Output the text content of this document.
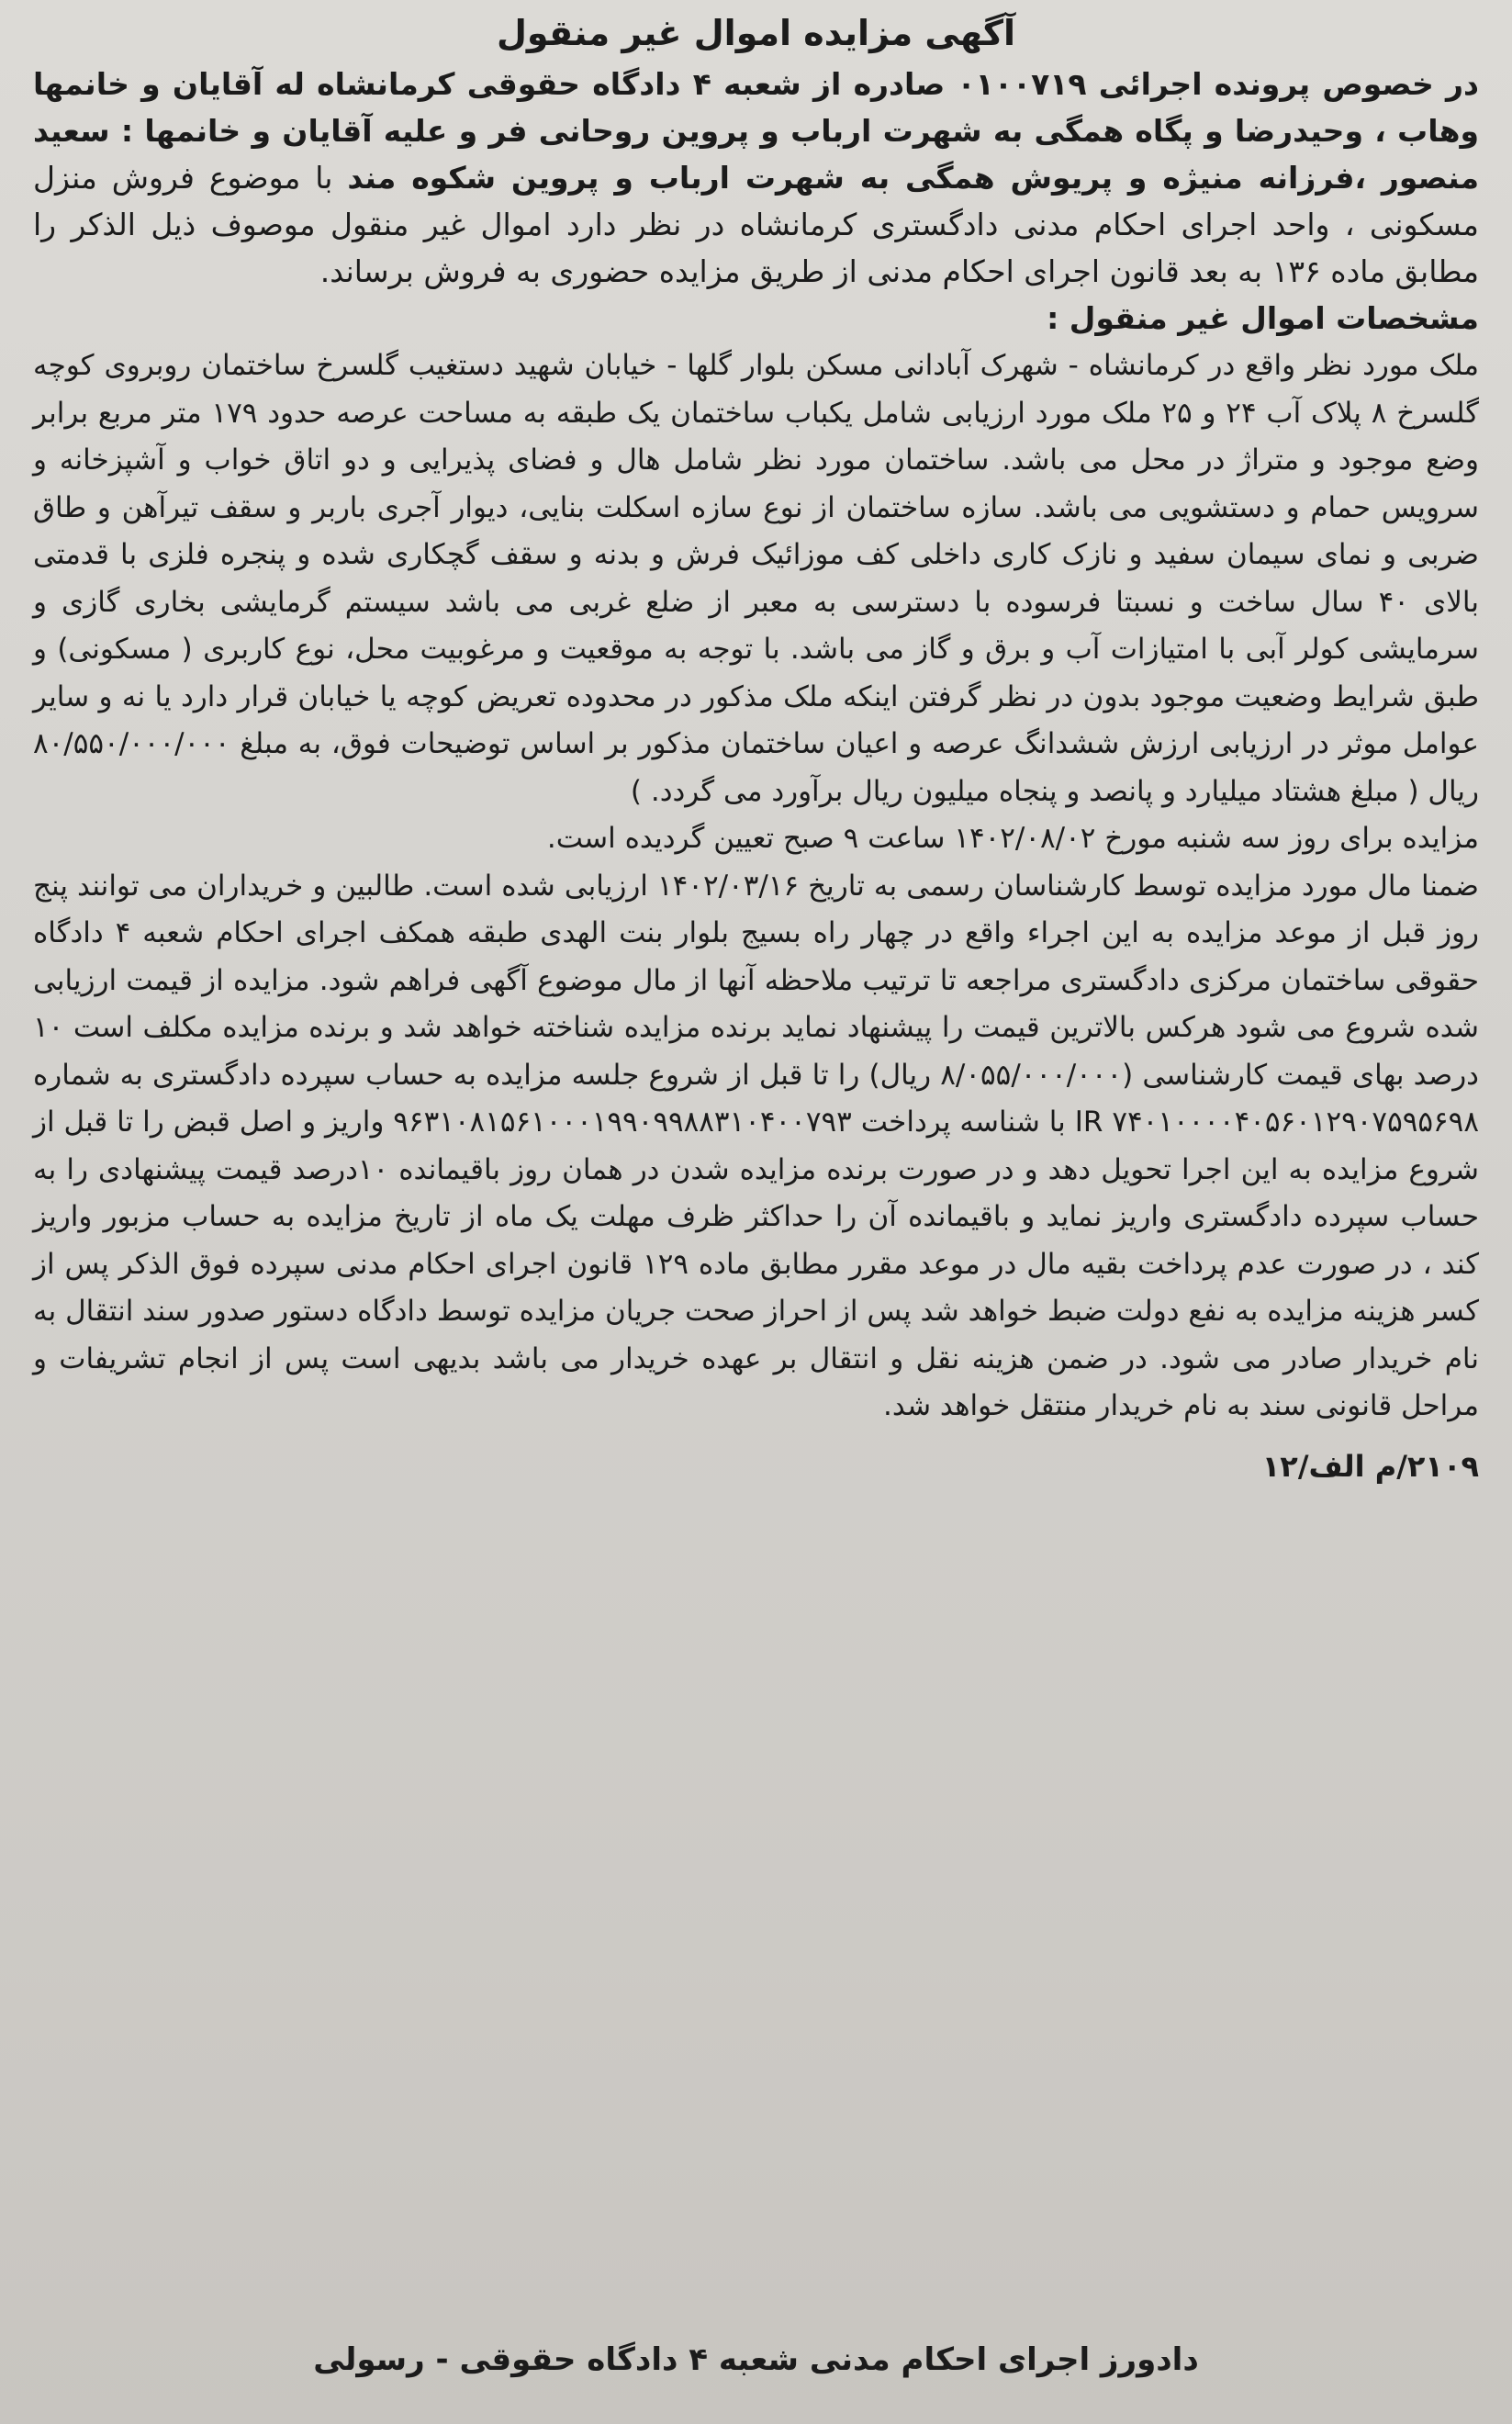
آگهی مزایده اموال غیر منقول

در خصوص پرونده اجرائی ۰۱۰۰۷۱۹ صادره از شعبه ۴ دادگاه حقوقی کرمانشاه له آقایان و خانمها وهاب ، وحیدرضا و پگاه همگی به شهرت ارباب و پروین روحانی فر و علیه آقایان و خانمها : سعید منصور ،فرزانه منیژه و پریوش همگی به شهرت ارباب و پروین شکوه مند با موضوع فروش منزل مسکونی ، واحد اجرای احکام مدنی دادگستری کرمانشاه در نظر دارد اموال غیر منقول موصوف ذیل الذکر را مطابق ماده ۱۳۶ به بعد قانون اجرای احکام مدنی از طریق مزایده حضوری به فروش برساند.

مشخصات اموال غیر منقول :

ملک مورد نظر واقع در کرمانشاه - شهرک آبادانی مسکن بلوار گلها - خیابان شهید دستغیب گلسرخ ساختمان روبروی کوچه گلسرخ ۸ پلاک آب ۲۴ و ۲۵ ملک مورد ارزیابی شامل یکباب ساختمان یک طبقه به مساحت عرصه حدود ۱۷۹ متر مربع برابر وضع موجود و متراژ در محل می باشد. ساختمان مورد نظر شامل هال و فضای پذیرایی و دو اتاق خواب و آشپزخانه و سرویس حمام و دستشویی می باشد. سازه ساختمان از نوع سازه اسکلت بنایی، دیوار آجری باربر و سقف تیرآهن و طاق ضربی و نمای سیمان سفید و نازک کاری داخلی کف موزائیک فرش و بدنه و سقف گچکاری شده و پنجره فلزی با قدمتی بالای ۴۰ سال ساخت و نسبتا فرسوده با دسترسی به معبر از ضلع غربی می باشد سیستم گرمایشی بخاری گازی و سرمایشی کولر آبی با امتیازات آب و برق و گاز می باشد. با توجه به موقعیت و مرغوبیت محل، نوع کاربری ( مسکونی) و طبق شرایط وضعیت موجود بدون در نظر گرفتن اینکه ملک مذکور در محدوده تعریض کوچه یا خیابان قرار دارد یا نه و سایر عوامل موثر در ارزیابی ارزش ششدانگ عرصه و اعیان ساختمان مذکور بر اساس توضیحات فوق، به مبلغ ۸۰/۵۵۰/۰۰۰/۰۰۰ ریال ( مبلغ هشتاد میلیارد و پانصد و پنجاه میلیون ریال برآورد می گردد. )

مزایده برای روز سه شنبه مورخ ۱۴۰۲/۰۸/۰۲ ساعت ۹ صبح تعیین گردیده است.

ضمنا مال مورد مزایده توسط کارشناسان رسمی به تاریخ ۱۴۰۲/۰۳/۱۶ ارزیابی شده است. طالبین و خریداران می توانند پنج روز قبل از موعد مزایده به این اجراء واقع در چهار راه بسیج بلوار بنت الهدی طبقه همکف اجرای احکام شعبه ۴ دادگاه حقوقی ساختمان مرکزی دادگستری مراجعه تا ترتیب ملاحظه آنها از مال موضوع آگهی فراهم شود. مزایده از قیمت ارزیابی شده شروع می شود هرکس بالاترین قیمت را پیشنهاد نماید برنده مزایده شناخته خواهد شد و برنده مزایده مکلف است ۱۰ درصد بهای قیمت کارشناسی (۸/۰۵۵/۰۰۰/۰۰۰ ریال) را تا قبل از شروع جلسه مزایده به حساب سپرده دادگستری به شماره IR ۷۴۰۱۰۰۰۰۴۰۵۶۰۱۲۹۰۷۵۹۵۶۹۸ با شناسه پرداخت ۹۶۳۱۰۸۱۵۶۱۰۰۰۱۹۹۰۹۹۸۸۳۱۰۴۰۰۷۹۳ واریز و اصل قبض را تا قبل از شروع مزایده به این اجرا تحویل دهد و در صورت برنده مزایده شدن در همان روز باقیمانده ۱۰درصد قیمت پیشنهادی را به حساب سپرده دادگستری واریز نماید و باقیمانده آن را حداکثر ظرف مهلت یک ماه از تاریخ مزایده به حساب مزبور واریز کند ، در صورت عدم پرداخت بقیه مال در موعد مقرر مطابق ماده ۱۲۹ قانون اجرای احکام مدنی سپرده فوق الذکر پس از کسر هزینه مزایده به نفع دولت ضبط خواهد شد پس از احراز صحت جریان مزایده توسط دادگاه دستور صدور سند انتقال به نام خریدار صادر می شود. در ضمن هزینه نقل و انتقال بر عهده خریدار می باشد بدیهی است پس از انجام تشریفات و مراحل قانونی سند به نام خریدار منتقل خواهد شد.

۲۱۰۹/م الف/۱۲
دادورز اجرای احکام مدنی شعبه ۴ دادگاه حقوقی - رسولی
